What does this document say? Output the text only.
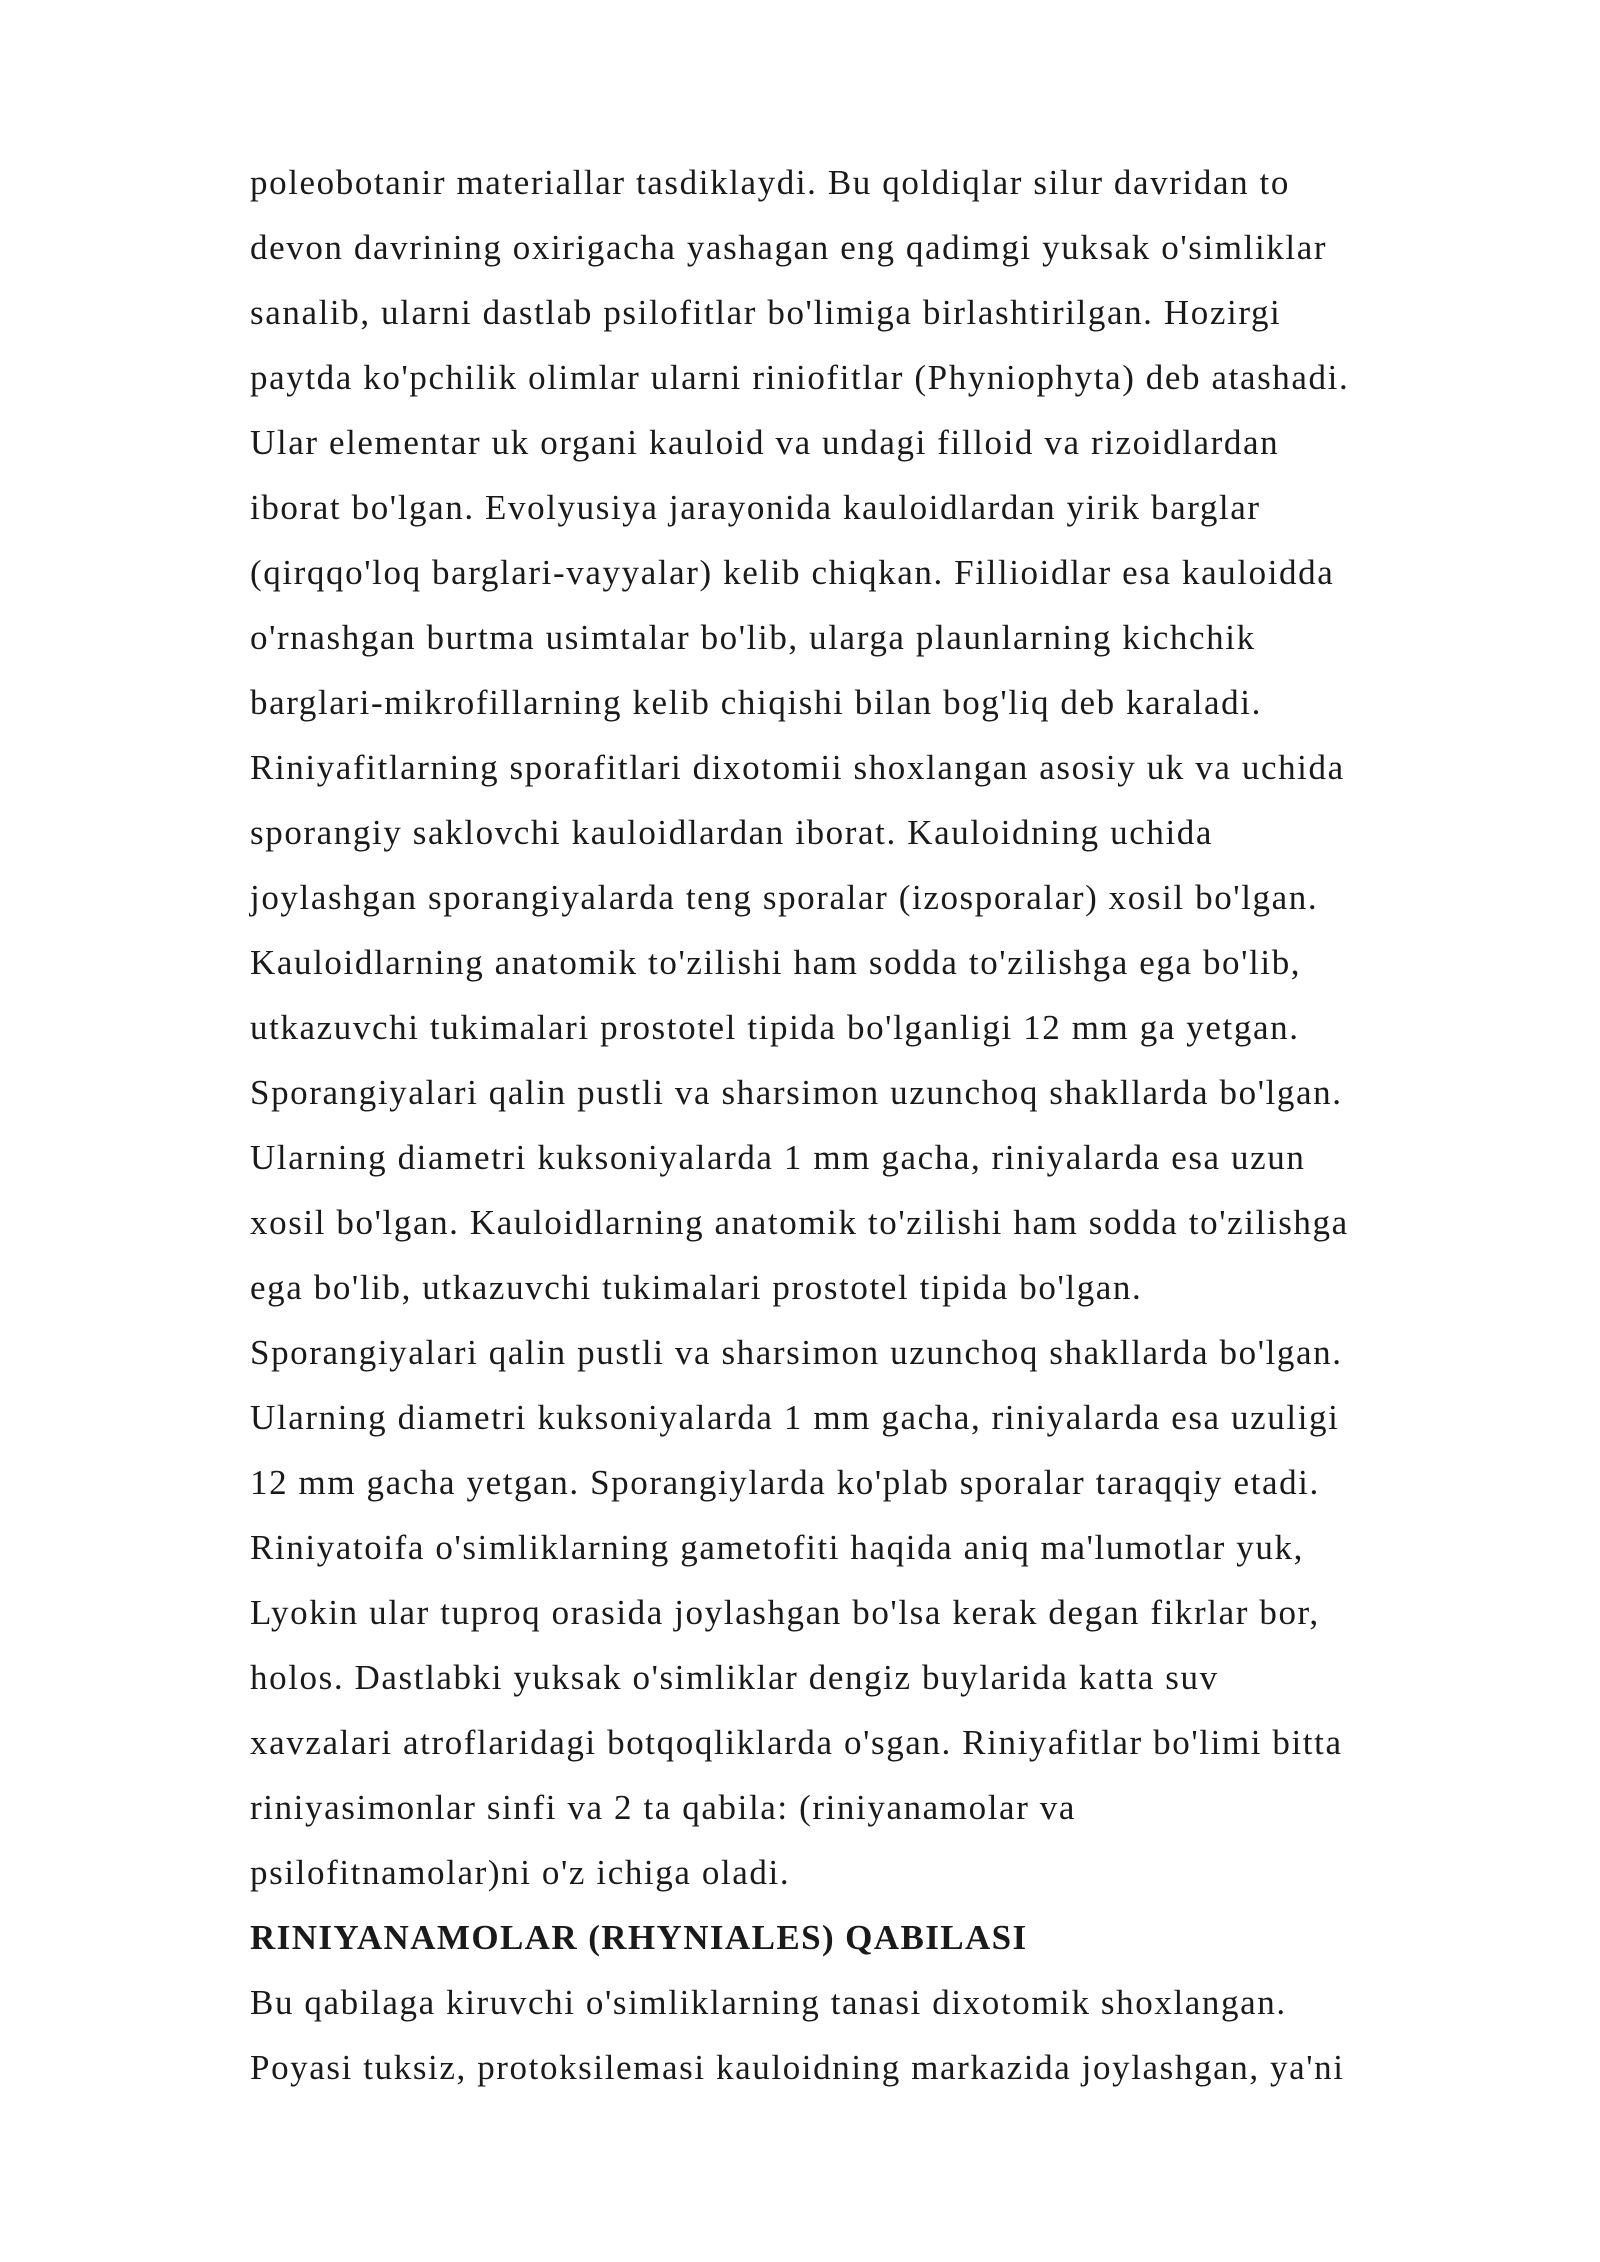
poleobotanir materiallar tasdiklaydi. Bu qoldiqlar silur davridan to
devon davrining oxirigacha yashagan eng qadimgi yuksak o'simliklar
sanalib, ularni dastlab psilofitlar bo'limiga birlashtirilgan. Hozirgi
paytda ko'pchilik olimlar ularni riniofitlar (Phyniophyta) deb atashadi.
Ular elementar uk organi kauloid va undagi filloid va rizoidlardan
iborat bo'lgan. Evolyusiya jarayonida kauloidlardan yirik barglar
(qirqqo'loq barglari-vayyalar) kelib chiqkan. Fillioidlar esa kauloidda
o'rnashgan burtma usimtalar bo'lib, ularga plaunlarning kichchik
barglari-mikrofillarning kelib chiqishi bilan bog'liq deb karaladi.
Riniyafitlarning sporafitlari dixotomii shoxlangan asosiy uk va uchida
sporangiy saklovchi kauloidlardan iborat. Kauloidning uchida
joylashgan sporangiyalarda teng sporalar (izosporalar) xosil bo'lgan.
Kauloidlarning anatomik to'zilishi ham sodda to'zilishga ega bo'lib,
utkazuvchi tukimalari prostotel tipida bo'lganligi 12 mm ga yetgan.
Sporangiyalari qalin pustli va sharsimon uzunchoq shakllarda bo'lgan.
Ularning diametri kuksoniyalarda 1 mm gacha, riniyalarda esa uzun
xosil bo'lgan. Kauloidlarning anatomik to'zilishi ham sodda to'zilishga
ega bo'lib, utkazuvchi tukimalari prostotel tipida bo'lgan.
Sporangiyalari qalin pustli va sharsimon uzunchoq shakllarda bo'lgan.
Ularning diametri kuksoniyalarda 1 mm gacha, riniyalarda esa uzuligi
12 mm gacha yetgan. Sporangiylarda ko'plab sporalar taraqqiy etadi.
Riniyatoifa o'simliklarning gametofiti haqida aniq ma'lumotlar yuk,
Lyokin ular tuproq orasida joylashgan bo'lsa kerak degan fikrlar bor,
holos. Dastlabki yuksak o'simliklar dengiz buylarida katta suv
xavzalari atroflaridagi botqoqliklarda o'sgan. Riniyafitlar bo'limi bitta
riniyasimonlar sinfi va 2 ta qabila: (riniyanamolar va
psilofitnamolar)ni o'z ichiga oladi.
RINIYANAMOLAR (RHYNIALES) QABILASI
Bu qabilaga kiruvchi o'simliklarning tanasi dixotomik shoxlangan.
Poyasi tuksiz, protoksilemasi kauloidning markazida joylashgan, ya'ni
